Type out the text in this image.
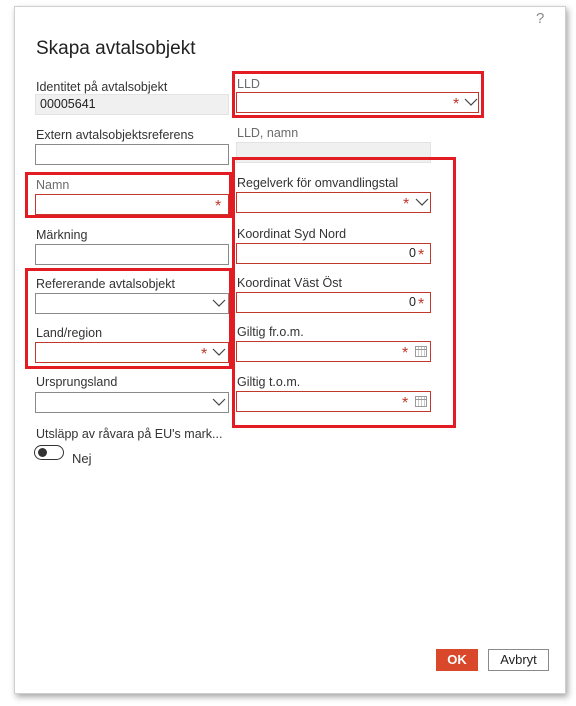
?
Skapa avtalsobjekt
Identitet på avtalsobjekt
00005641
Extern avtalsobjektsreferens
Namn
*
Märkning
Refererande avtalsobjekt
Land/region
*
Ursprungsland
Utsläpp av råvara på EU's mark...
Nej
LLD
*
LLD, namn
Regelverk för omvandlingstal
*
Koordinat Syd Nord
0 *
Koordinat Väst Öst
0 *
Giltig fr.o.m.
*
Giltig t.o.m.
*
OK	Avbryt
